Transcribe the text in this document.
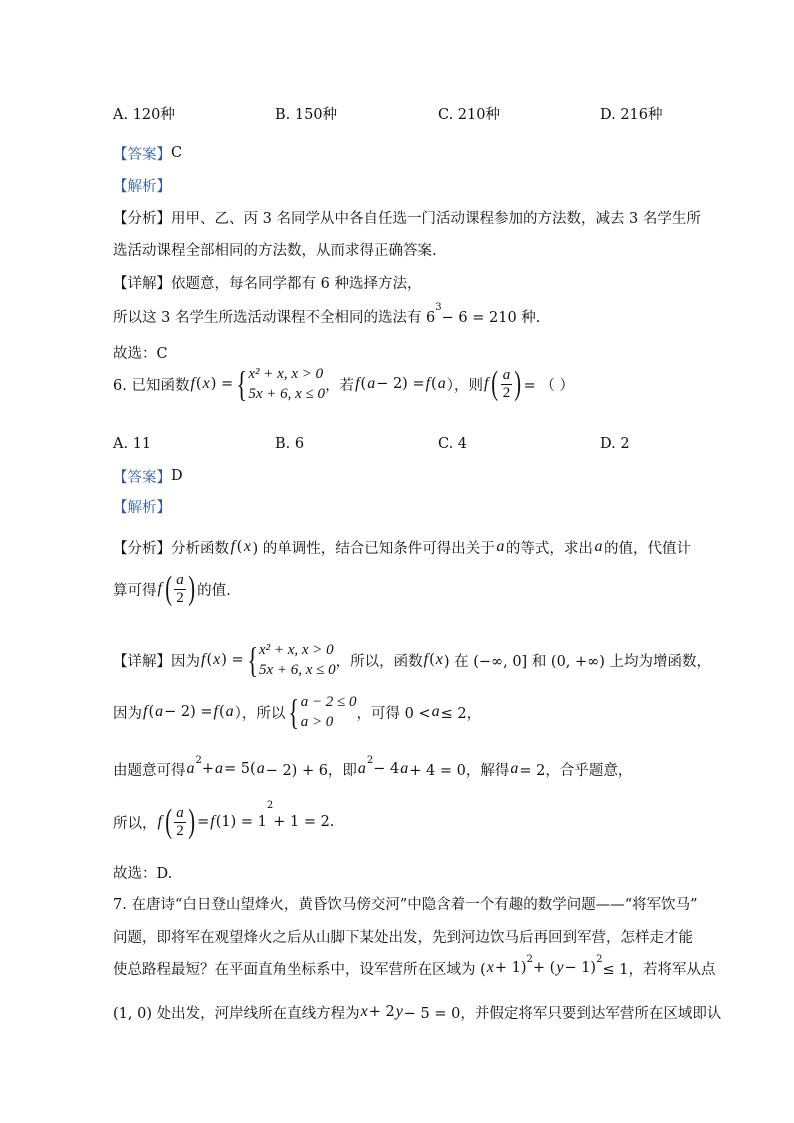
A. 120种	B. 150种	C. 210种	D. 216种
A. 11	B. 6	C. 4	D. 2
【答案】 C
【解析】
【分析】用甲、乙、丙 3 名同学从中各自任选一门活动课程参加的方法数，减去 3 名学生所
选活动课程全部相同的方法数，从而求得正确答案.
【详解】依题意，每名同学都有 6 种选择方法，
所以这 3 名学生所选活动课程不全相同的选法有 6
3
− 6 = 210 种.
故选：C
6. 已知函数 f ( x ) = { x² + x, x > 0
5x + 6, x ≤ 0
，若 f ( a − 2) = f ( a ），则 f ( $\frac{a}{2}$ ) = （ ）
【答案】 D
【解析】
【分析】分析函数 f ( x ) 的单调性，结合已知条件可得出关于 a 的等式，求出 a 的值，代值计
算可得 f ( $\frac{a}{2}$ ) 的值.
【详解】因为 f ( x ) = { x² + x, x > 0
5x + 6, x ≤ 0
，所以，函数 f ( x ) 在 (−∞, 0] 和 (0, +∞) 上均为增函数，
因为 f ( a − 2) = f ( a ），所以 { a − 2 ≤ 0
a > 0
，可得 0 < a ≤ 2，
由题意可得 a 2
+ a = 5( a − 2) + 6，即 a 2
− 4 a + 4 = 0，解得 a = 2，合乎题意，
所以， f ( $\frac{a}{2}$ ) = f (1) = 1
2
+ 1 = 2.
故选：D.
7. 在唐诗“白日登山望烽火，黄昏饮马傍交河”中隐含着一个有趣的数学问题——“将军饮马”
问题，即将军在观望烽火之后从山脚下某处出发，先到河边饮马后再回到军营，怎样走才能
使总路程最短？在平面直角坐标系中，设军营所在区域为 ( x + 1)
2
+ ( y − 1)
2
≤ 1，若将军从点
(1, 0) 处出发，河岸线所在直线方程为 x + 2 y − 5 = 0，并假定将军只要到达军营所在区域即认
